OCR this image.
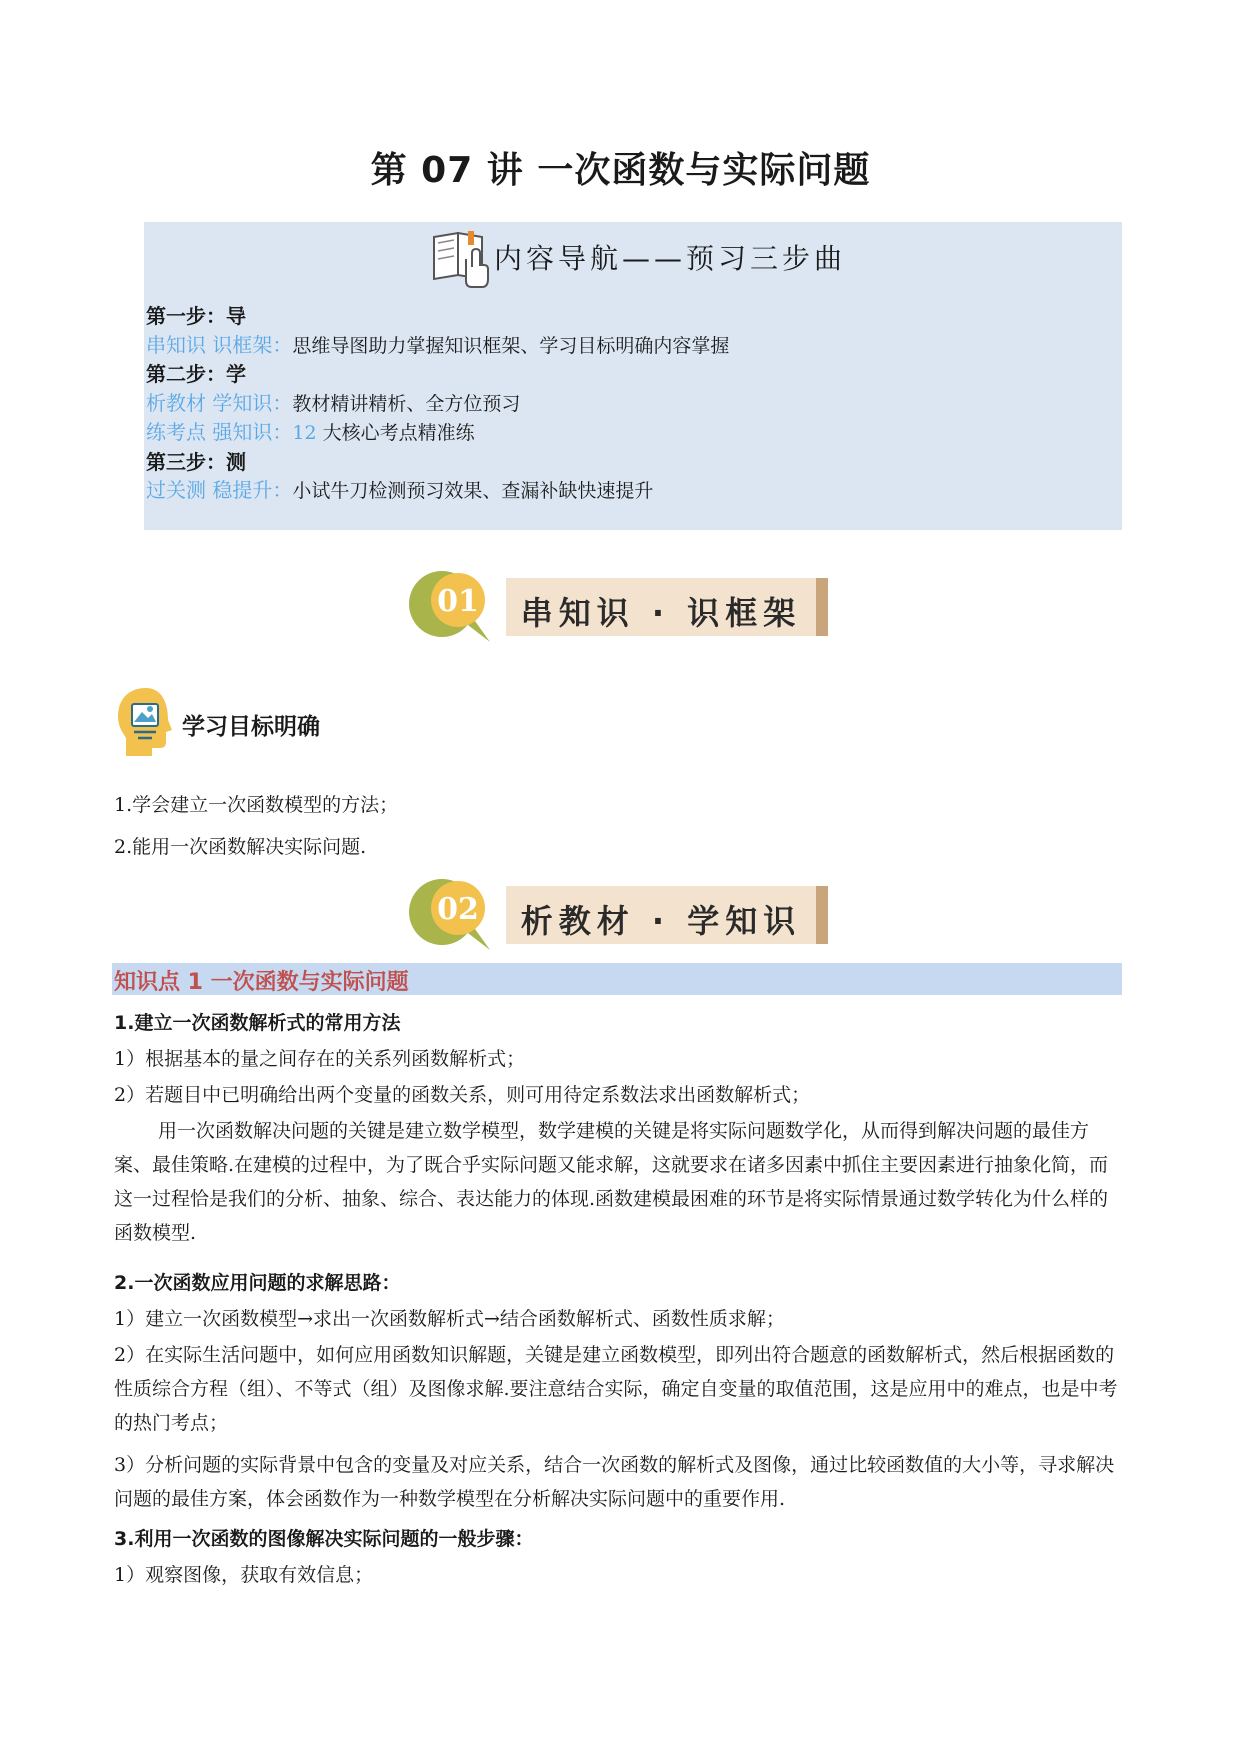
第 07 讲 一次函数与实际问题
内容导航——预习三步曲
第一步：导
串知识 识框架：思维导图助力掌握知识框架、学习目标明确内容掌握
第二步：学
析教材 学知识：教材精讲精析、全方位预习
练考点 强知识：12 大核心考点精准练
第三步：测
过关测 稳提升：小试牛刀检测预习效果、查漏补缺快速提升
01	串知识 · 识框架
学习目标明确
1.学会建立一次函数模型的方法；
2.能用一次函数解决实际问题.
02	析教材 · 学知识
知识点 1 一次函数与实际问题
1.建立一次函数解析式的常用方法
1）根据基本的量之间存在的关系列函数解析式；
2）若题目中已明确给出两个变量的函数关系，则可用待定系数法求出函数解析式；
用一次函数解决问题的关键是建立数学模型，数学建模的关键是将实际问题数学化，从而得到解决问题的最佳方案、最佳策略.在建模的过程中，为了既合乎实际问题又能求解，这就要求在诸多因素中抓住主要因素进行抽象化简，而这一过程恰是我们的分析、抽象、综合、表达能力的体现.函数建模最困难的环节是将实际情景通过数学转化为什么样的函数模型.
2.一次函数应用问题的求解思路：
1）建立一次函数模型→求出一次函数解析式→结合函数解析式、函数性质求解；
2）在实际生活问题中，如何应用函数知识解题，关键是建立函数模型，即列出符合题意的函数解析式，然后根据函数的性质综合方程（组）、不等式（组）及图像求解.要注意结合实际，确定自变量的取值范围，这是应用中的难点，也是中考的热门考点；
3）分析问题的实际背景中包含的变量及对应关系，结合一次函数的解析式及图像，通过比较函数值的大小等，寻求解决问题的最佳方案，体会函数作为一种数学模型在分析解决实际问题中的重要作用.
3.利用一次函数的图像解决实际问题的一般步骤：
1）观察图像，获取有效信息；
